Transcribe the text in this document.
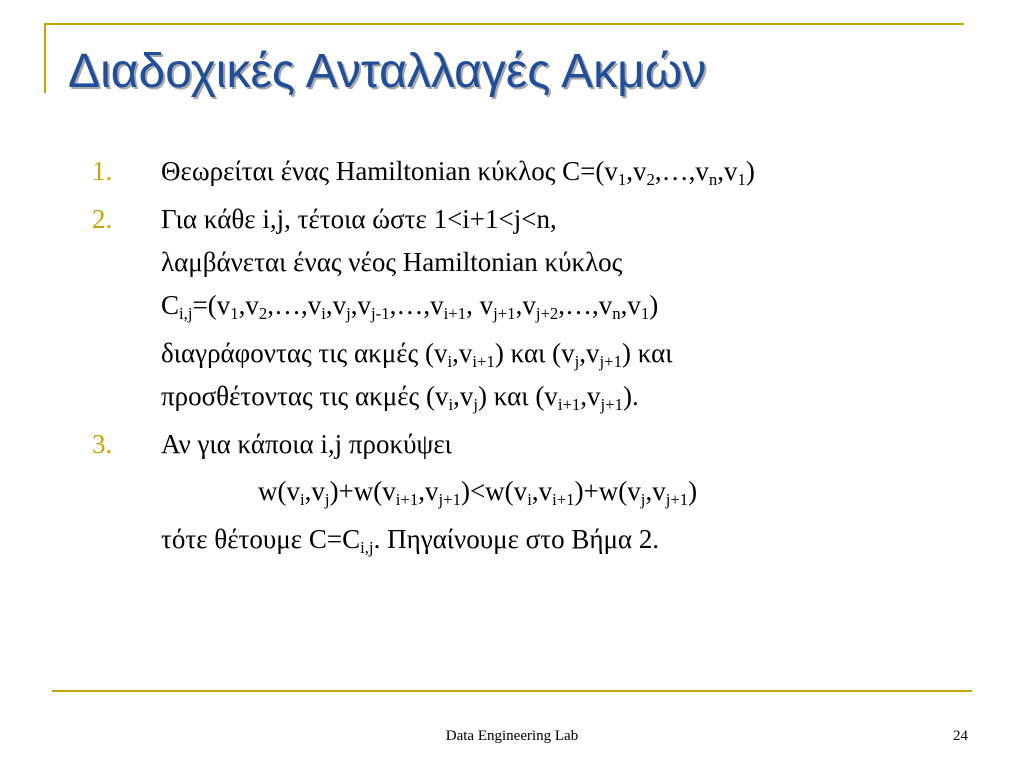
Διαδοχικές Ανταλλαγές Ακμών
1.	Θεωρείται ένας Hamiltonian κύκλος $C=(v_1,v_2,\dots,v_n,v_1)$
2.	Για κάθε i,j, τέτοια ώστε 1<i+1<j<n,
λαμβάνεται ένας νέος Hamiltonian κύκλος
$C_{i,j}=(v_1,v_2,\dots,v_i,v_j,v_{j-1},\dots,v_{i+1}$, $v_{j+1},v_{j+2},\dots,v_n,v_1$)
διαγράφοντας τις ακμές $(v_i,v_{i+1})$ και $(v_j,v_{j+1})$ και
προσθέτοντας τις ακμές $(v_i,v_j)$ και $(v_{i+1},v_{j+1})$.
3.	Αν για κάποια i,j προκύψει
$w(v_i,v_j)+w(v_{i+1},v_{j+1})<w(v_i,v_{i+1})+w(v_j,v_{j+1})$
τότε θέτουμε $C=C_{i,j}$. Πηγαίνουμε στο Βήμα 2.
Data Engineering Lab	24
